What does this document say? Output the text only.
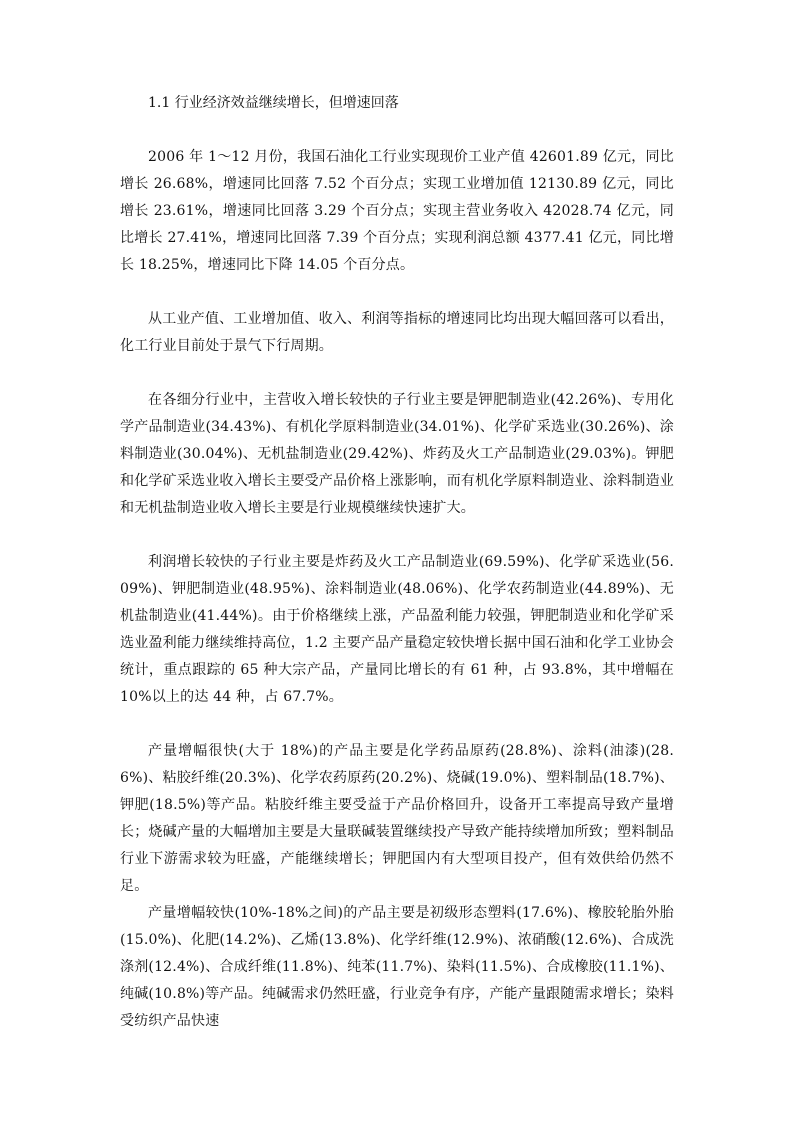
1.1 行业经济效益继续增长，但增速回落

2006 年 1～12 月份，我国石油化工行业实现现价工业产值 42601.89 亿元，同比增长 26.68%，增速同比回落 7.52 个百分点；实现工业增加值 12130.89 亿元，同比增长 23.61%，增速同比回落 3.29 个百分点；实现主营业务收入 42028.74 亿元，同比增长 27.41%，增速同比回落 7.39 个百分点；实现利润总额 4377.41 亿元，同比增长 18.25%，增速同比下降 14.05 个百分点。

从工业产值、工业增加值、收入、利润等指标的增速同比均出现大幅回落可以看出，化工行业目前处于景气下行周期。

在各细分行业中，主营收入增长较快的子行业主要是钾肥制造业(42.26%)、专用化学产品制造业(34.43%)、有机化学原料制造业(34.01%)、化学矿采选业(30.26%)、涂料制造业(30.04%)、无机盐制造业(29.42%)、炸药及火工产品制造业(29.03%)。钾肥和化学矿采选业收入增长主要受产品价格上涨影响，而有机化学原料制造业、涂料制造业和无机盐制造业收入增长主要是行业规模继续快速扩大。

利润增长较快的子行业主要是炸药及火工产品制造业(69.59%)、化学矿采选业(56.09%)、钾肥制造业(48.95%)、涂料制造业(48.06%)、化学农药制造业(44.89%)、无机盐制造业(41.44%)。由于价格继续上涨，产品盈利能力较强，钾肥制造业和化学矿采选业盈利能力继续维持高位，1.2 主要产品产量稳定较快增长据中国石油和化学工业协会统计，重点跟踪的 65 种大宗产品，产量同比增长的有 61 种，占 93.8%，其中增幅在 10%以上的达 44 种，占 67.7%。

产量增幅很快(大于 18%)的产品主要是化学药品原药(28.8%)、涂料(油漆)(28.6%)、粘胶纤维(20.3%)、化学农药原药(20.2%)、烧碱(19.0%)、塑料制品(18.7%)、钾肥(18.5%)等产品。粘胶纤维主要受益于产品价格回升，设备开工率提高导致产量增长；烧碱产量的大幅增加主要是大量联碱装置继续投产导致产能持续增加所致；塑料制品行业下游需求较为旺盛，产能继续增长；钾肥国内有大型项目投产，但有效供给仍然不足。

产量增幅较快(10%-18%之间)的产品主要是初级形态塑料(17.6%)、橡胶轮胎外胎(15.0%)、化肥(14.2%)、乙烯(13.8%)、化学纤维(12.9%)、浓硝酸(12.6%)、合成洗涤剂(12.4%)、合成纤维(11.8%)、纯苯(11.7%)、染料(11.5%)、合成橡胶(11.1%)、纯碱(10.8%)等产品。纯碱需求仍然旺盛，行业竞争有序，产能产量跟随需求增长；染料受纺织产品快速
